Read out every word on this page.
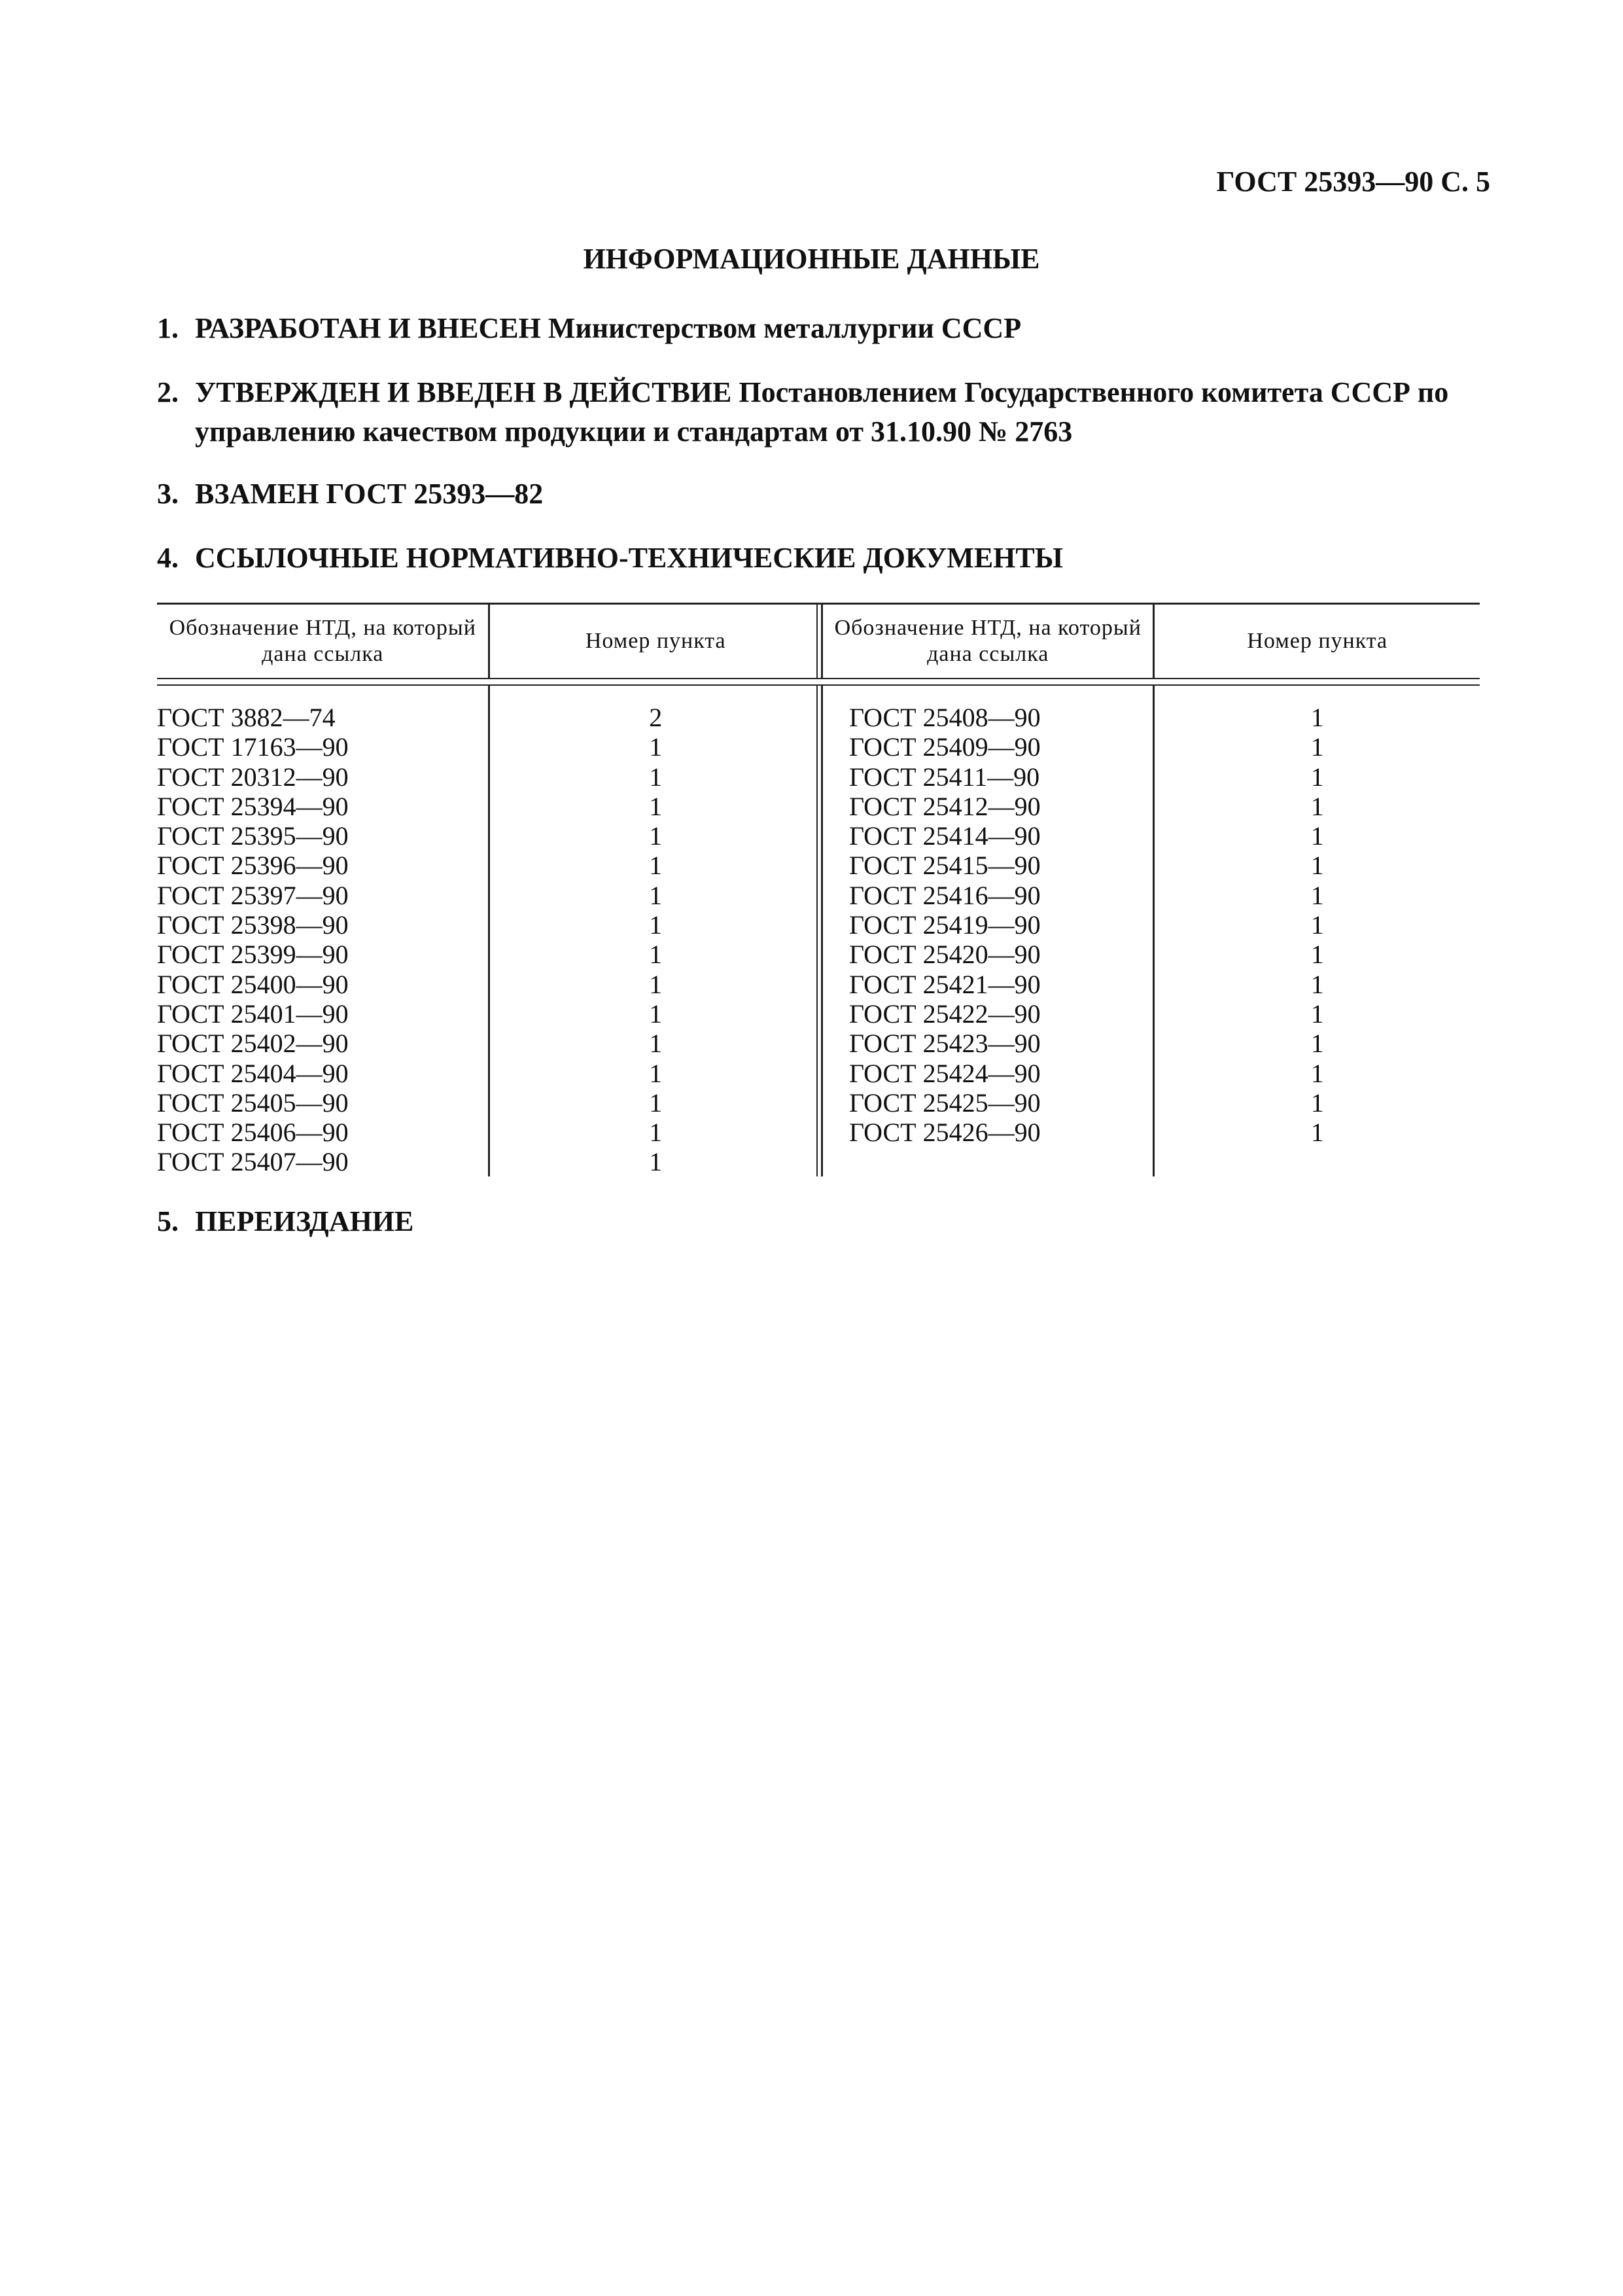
ГОСТ 25393—90 С. 5
ИНФОРМАЦИОННЫЕ ДАННЫЕ
1. РАЗРАБОТАН И ВНЕСЕН Министерством металлургии СССР
2. УТВЕРЖДЕН И ВВЕДЕН В ДЕЙСТВИЕ Постановлением Государственного комитета СССР по
управлению качеством продукции и стандартам от 31.10.90 № 2763
3. ВЗАМЕН ГОСТ 25393—82
4. ССЫЛОЧНЫЕ НОРМАТИВНО-ТЕХНИЧЕСКИЕ ДОКУМЕНТЫ
Обозначение НТД, на который дана ссылка
Номер пункта
Обозначение НТД, на который дана ссылка
Номер пункта
ГОСТ 3882—74
ГОСТ 17163—90
ГОСТ 20312—90
ГОСТ 25394—90
ГОСТ 25395—90
ГОСТ 25396—90
ГОСТ 25397—90
ГОСТ 25398—90
ГОСТ 25399—90
ГОСТ 25400—90
ГОСТ 25401—90
ГОСТ 25402—90
ГОСТ 25404—90
ГОСТ 25405—90
ГОСТ 25406—90
ГОСТ 25407—90
2
1
1
1
1
1
1
1
1
1
1
1
1
1
1
1
ГОСТ 25408—90
ГОСТ 25409—90
ГОСТ 25411—90
ГОСТ 25412—90
ГОСТ 25414—90
ГОСТ 25415—90
ГОСТ 25416—90
ГОСТ 25419—90
ГОСТ 25420—90
ГОСТ 25421—90
ГОСТ 25422—90
ГОСТ 25423—90
ГОСТ 25424—90
ГОСТ 25425—90
ГОСТ 25426—90
1
1
1
1
1
1
1
1
1
1
1
1
1
1
1
5. ПЕРЕИЗДАНИЕ
